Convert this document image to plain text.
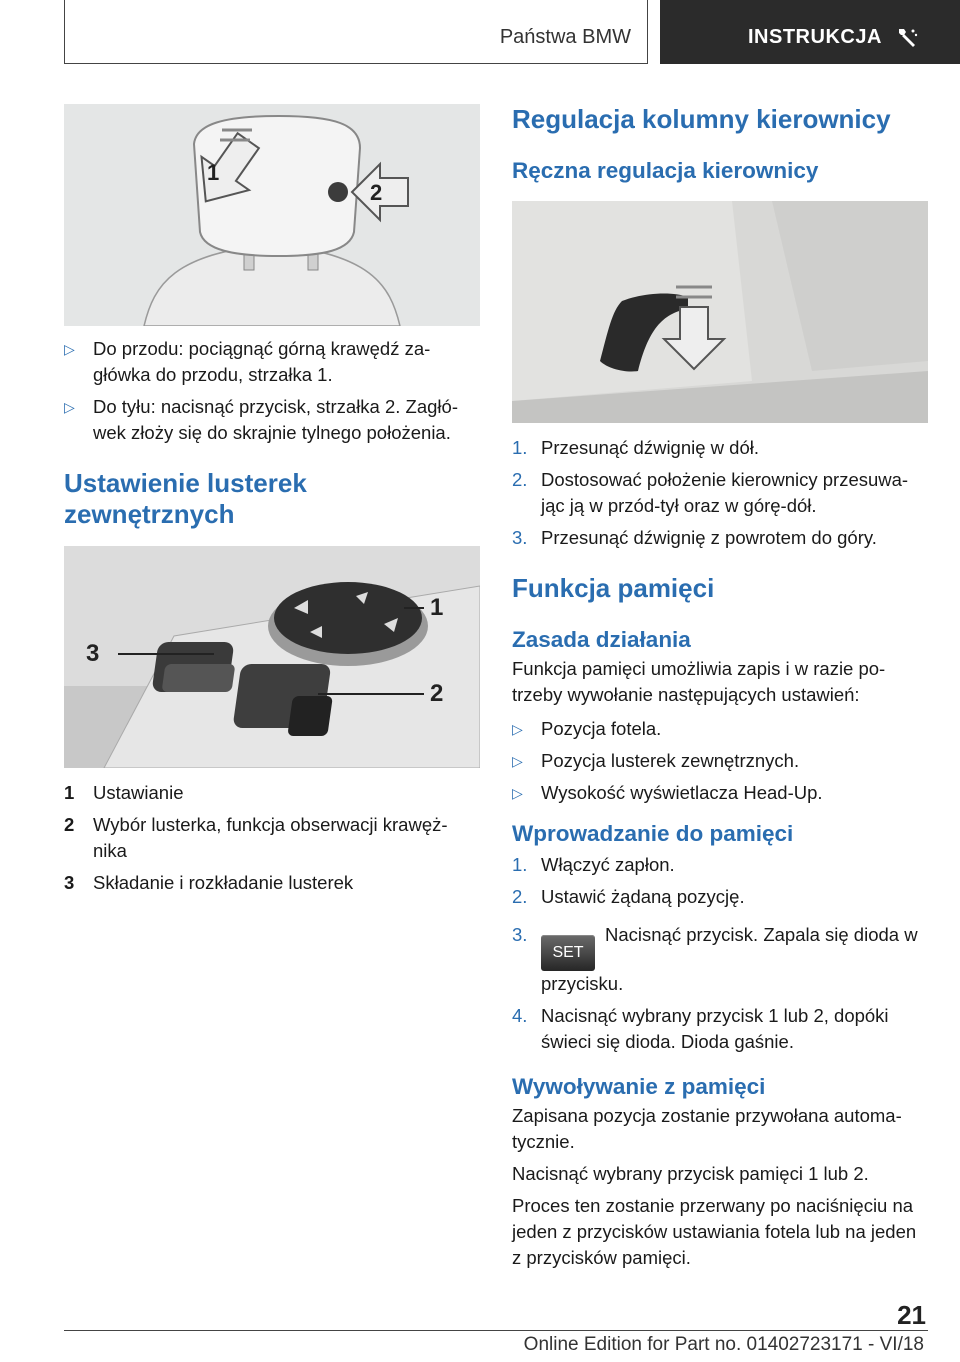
Państwa BMW	INSTRUKCJA
1
2
▷ Do przodu: pociągnąć górną krawędź za-główka do przodu, strzałka 1.
▷ Do tyłu: nacisnąć przycisk, strzałka 2. Zagłó-wek złoży się do skrajnie tylnego położenia.
Ustawienie lusterek zewnętrznych
1
2
3
1 Ustawianie
2 Wybór lusterka, funkcja obserwacji krawęż-nika
3 Składanie i rozkładanie lusterek
Regulacja kolumny kierownicy
Ręczna regulacja kierownicy
1. Przesunąć dźwignię w dół.
2. Dostosować położenie kierownicy przesuwa-jąc ją w przód-tył oraz w górę-dół.
3. Przesunąć dźwignię z powrotem do góry.
Funkcja pamięci
Zasada działania

Funkcja pamięci umożliwia zapis i w razie po-trzeby wywołanie następujących ustawień:

▷ Pozycja fotela.
▷ Pozycja lusterek zewnętrznych.
▷ Wysokość wyświetlacza Head-Up.
Wprowadzanie do pamięci
1. Włączyć zapłon.
2. Ustawić żądaną pozycję.
3.
SETNacisnąć przycisk. Zapala się dioda w przycisku.
4. Nacisnąć wybrany przycisk 1 lub 2, dopóki świeci się dioda. Dioda gaśnie.
Wywoływanie z pamięci

Zapisana pozycja zostanie przywołana automa-tycznie.

Nacisnąć wybrany przycisk pamięci 1 lub 2.

Proces ten zostanie przerwany po naciśnięciu na jeden z przycisków ustawiania fotela lub na jeden z przycisków pamięci.

21
Online Edition for Part no. 01402723171 - VI/18
